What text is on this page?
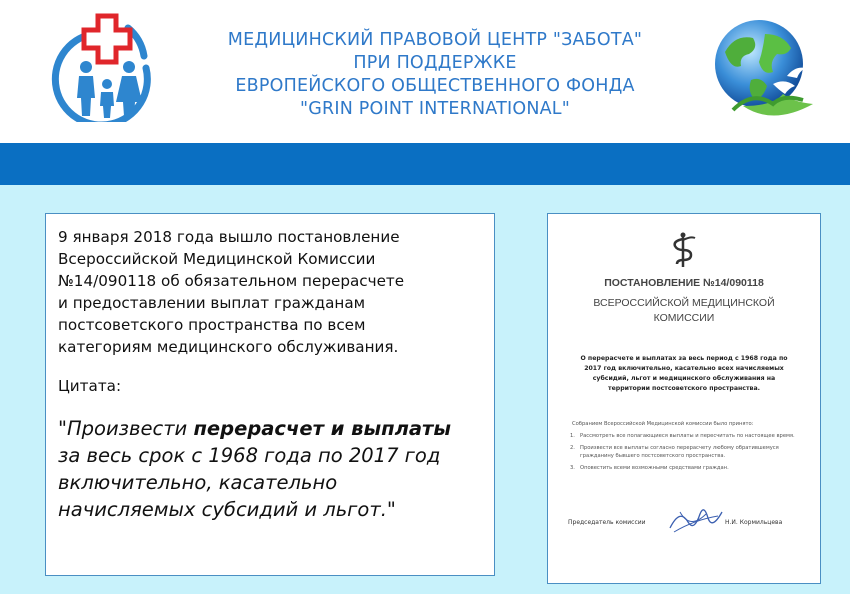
МЕДИЦИНСКИЙ ПРАВОВОЙ ЦЕНТР "ЗАБОТА"
ПРИ ПОДДЕРЖКЕ
ЕВРОПЕЙСКОГО ОБЩЕСТВЕННОГО ФОНДА
"GRIN POINT INTERNATIONAL"

9 января 2018 года вышло постановление
Всероссийской Медицинской Комиссии
№14/090118 об обязательном перерасчете
и предоставлении выплат гражданам
постсоветского пространства по всем
категориям медицинского обслуживания.

Цитата:
"Произвести перерасчет и выплаты
за весь срок с 1968 года по 2017 год
включительно, касательно
начисляемых субсидий и льгот."
ПОСТАНОВЛЕНИЕ №14/090118
ВСЕРОССИЙСКОЙ МЕДИЦИНСКОЙ
КОМИССИИ
О перерасчете и выплатах за весь период с 1968 года по
2017 год включительно, касательно всех начисляемых
субсидий, льгот и медицинского обслуживания на
территории постсоветского пространства.
Собранием Всероссийской Медицинской комиссии было принято:
1. Рассмотреть все полагающиеся выплаты и пересчитать по настоящее время.
2. Произвести все выплаты согласно перерасчету любому обратившемуся гражданину бывшего постсоветского пространства.
3. Оповестить всеми возможными средствами граждан.
Председатель комиссии	Н.И. Кормильцева
